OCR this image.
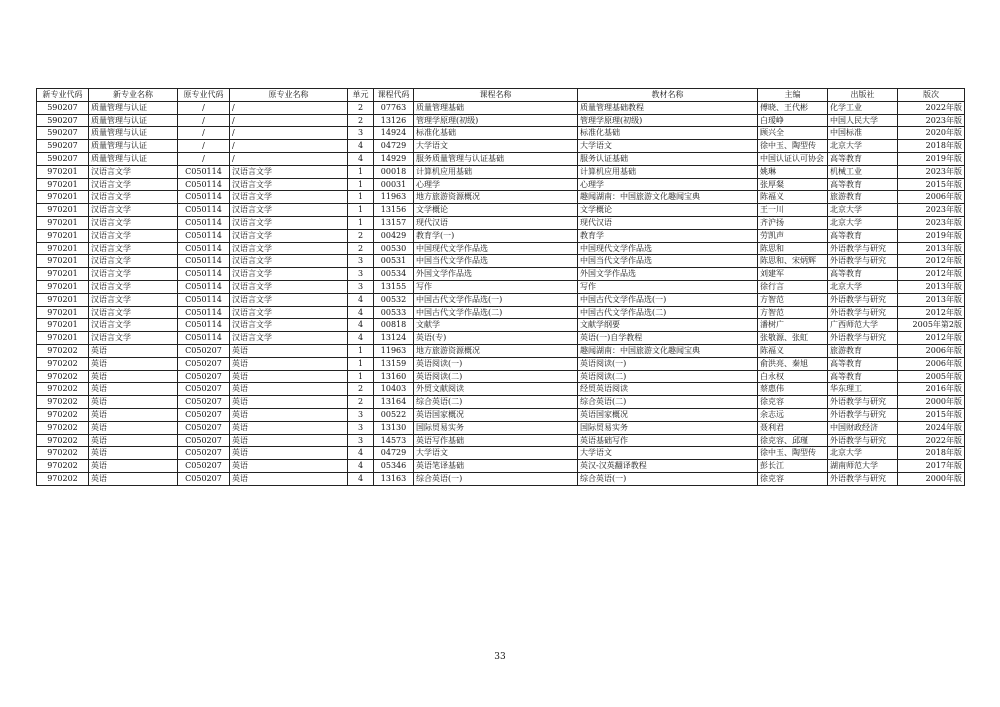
新专业代码	新专业名称	原专业代码	原专业名称	单元	课程代码	课程名称	教材名称	主编	出版社	版次
590207	质量管理与认证	/	/	2	07763	质量管理基础	质量管理基础教程	傅晓、王代彬	化学工业	2022年版
590207	质量管理与认证	/	/	2	13126	管理学原理(初级)	管理学原理(初级)	白瑷峥	中国人民大学	2023年版
590207	质量管理与认证	/	/	3	14924	标准化基础	标准化基础	顾兴全	中国标准	2020年版
590207	质量管理与认证	/	/	4	04729	大学语文	大学语文	徐中玉、陶型传	北京大学	2018年版
590207	质量管理与认证	/	/	4	14929	服务质量管理与认证基础	服务认证基础	中国认证认可协会	高等教育	2019年版
970201	汉语言文学	C050114	汉语言文学	1	00018	计算机应用基础	计算机应用基础	姚琳	机械工业	2023年版
970201	汉语言文学	C050114	汉语言文学	1	00031	心理学	心理学	张厚粲	高等教育	2015年版
970201	汉语言文学	C050114	汉语言文学	1	11963	地方旅游资源概况	趣闻湖南：中国旅游文化趣闻宝典	陈福义	旅游教育	2006年版
970201	汉语言文学	C050114	汉语言文学	1	13156	文学概论	文学概论	王一川	北京大学	2023年版
970201	汉语言文学	C050114	汉语言文学	1	13157	现代汉语	现代汉语	齐沪扬	北京大学	2023年版
970201	汉语言文学	C050114	汉语言文学	2	00429	教育学(一)	教育学	劳凯声	高等教育	2019年版
970201	汉语言文学	C050114	汉语言文学	2	00530	中国现代文学作品选	中国现代文学作品选	陈思和	外语教学与研究	2013年版
970201	汉语言文学	C050114	汉语言文学	3	00531	中国当代文学作品选	中国当代文学作品选	陈思和、宋炳辉	外语教学与研究	2012年版
970201	汉语言文学	C050114	汉语言文学	3	00534	外国文学作品选	外国文学作品选	刘建军	高等教育	2012年版
970201	汉语言文学	C050114	汉语言文学	3	13155	写作	写作	徐行言	北京大学	2013年版
970201	汉语言文学	C050114	汉语言文学	4	00532	中国古代文学作品选(一)	中国古代文学作品选(一)	方智范	外语教学与研究	2013年版
970201	汉语言文学	C050114	汉语言文学	4	00533	中国古代文学作品选(二)	中国古代文学作品选(二)	方智范	外语教学与研究	2012年版
970201	汉语言文学	C050114	汉语言文学	4	00818	文献学	文献学纲要	潘树广	广西师范大学	2005年第2版
970201	汉语言文学	C050114	汉语言文学	4	13124	英语(专)	英语(一)自学教程	张敬源、张虹	外语教学与研究	2012年版
970202	英语	C050207	英语	1	11963	地方旅游资源概况	趣闻湖南：中国旅游文化趣闻宝典	陈福义	旅游教育	2006年版
970202	英语	C050207	英语	1	13159	英语阅读(一)	英语阅读(一)	俞洪亮、秦旭	高等教育	2006年版
970202	英语	C050207	英语	1	13160	英语阅读(二)	英语阅读(二)	白永权	高等教育	2005年版
970202	英语	C050207	英语	2	10403	外贸文献阅读	经贸英语阅读	蔡惠伟	华东理工	2016年版
970202	英语	C050207	英语	2	13164	综合英语(二)	综合英语(二)	徐克容	外语教学与研究	2000年版
970202	英语	C050207	英语	3	00522	英语国家概况	英语国家概况	余志远	外语教学与研究	2015年版
970202	英语	C050207	英语	3	13130	国际贸易实务	国际贸易实务	聂利君	中国财政经济	2024年版
970202	英语	C050207	英语	3	14573	英语写作基础	英语基础写作	徐克容、邱瑾	外语教学与研究	2022年版
970202	英语	C050207	英语	4	04729	大学语文	大学语文	徐中玉、陶型传	北京大学	2018年版
970202	英语	C050207	英语	4	05346	英语笔译基础	英汉-汉英翻译教程	彭长江	湖南师范大学	2017年版
970202	英语	C050207	英语	4	13163	综合英语(一)	综合英语(一)	徐克容	外语教学与研究	2000年版
33
